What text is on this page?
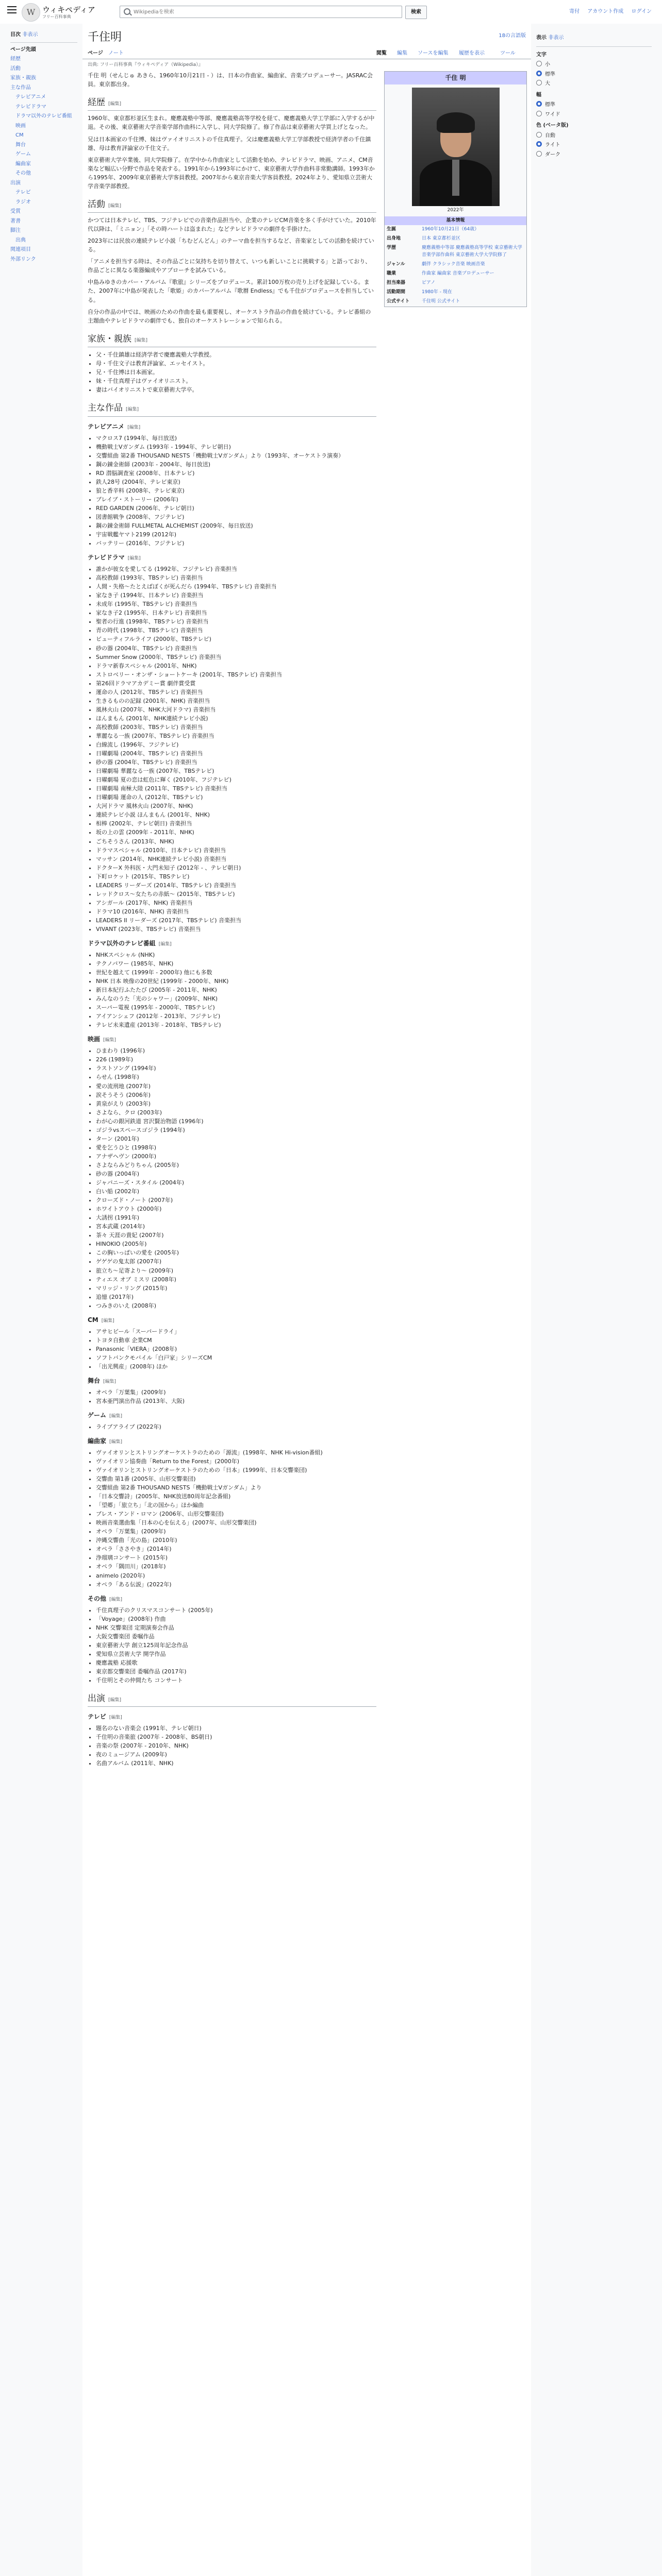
W ウィキペディア
フリー百科事典
Wikipediaを検索
検索	寄付 アカウント作成 ログイン
目次 非表示
ページ先頭
経歴
活動
家族・親族
主な作品
テレビアニメ
テレビドラマ
ドラマ以外のテレビ番組
映画
CM
舞台
ゲーム
編曲家
その他
出演
テレビ
ラジオ
受賞
著書
脚注
出典
関連項目
外部リンク
千住明	18の言語版
ページ ノート	閲覧 編集 ソースを編集 履歴を表示	ツール
出典: フリー百科事典『ウィキペディア（Wikipedia）』

千住 明（せんじゅ あきら、1960年10月21日 - ）は、日本の作曲家、編曲家、音楽プロデューサー。JASRAC会員。東京都出身。

経歴 [編集]

1960年、東京都杉並区生まれ。慶應義塾中等部、慶應義塾高等学校を経て、慶應義塾大学工学部に入学するが中退。その後、東京藝術大学音楽学部作曲科に入学し、同大学院修了。修了作品は東京藝術大学買上げとなった。

兄は日本画家の千住博、妹はヴァイオリニストの千住真理子。父は慶應義塾大学工学部教授で経済学者の千住鎮雄、母は教育評論家の千住文子。

東京藝術大学卒業後、同大学院修了。在学中から作曲家として活動を始め、テレビドラマ、映画、アニメ、CM音楽など幅広い分野で作品を発表する。1991年から1993年にかけて、東京藝術大学作曲科非常勤講師。1993年から1995年、2009年東京藝術大学客員教授。2007年から東京音楽大学客員教授。2024年より、愛知県立芸術大学音楽学部教授。

活動 [編集]

かつては日本テレビ、TBS、フジテレビでの音楽作品担当や、企業のテレビCM音楽を多く手がけていた。2010年代以降は、「ミニョン」「その時ハートは盗まれた」などテレビドラマの劇伴を手掛けた。

2023年には民放の連続テレビ小説「ちむどんどん」のテーマ曲を担当するなど、音楽家としての活動を続けている。

「アニメを担当する時は、その作品ごとに気持ちを切り替えて、いつも新しいことに挑戦する」と語っており、作品ごとに異なる楽器編成やアプローチを試みている。

中島みゆきのカバー・アルバム『歌旅』シリーズをプロデュース。累計100万枚の売り上げを記録している。また、2007年に中島が発表した「歌姫」のカバーアルバム『歌暦 Endless』でも千住がプロデュースを担当している。

自分の作品の中では、映画のための作曲を最も重要視し、オーケストラ作品の作曲を続けている。テレビ番組の主題曲やテレビドラマの劇伴でも、独自のオーケストレーションで知られる。

家族・親族 [編集]
• 父・千住鎮雄は経済学者で慶應義塾大学教授。
• 母・千住文子は教育評論家、エッセイスト。
• 兄・千住博は日本画家。
• 妹・千住真理子はヴァイオリニスト。
• 妻はバイオリニストで東京藝術大学卒。
主な作品 [編集]
テレビアニメ [編集]
• マクロス7 (1994年、毎日放送)
• 機動戦士Vガンダム (1993年 - 1994年、テレビ朝日)
• 交響組曲 第2番 THOUSAND NESTS「機動戦士Vガンダム」より（1993年、オーケストラ演奏）
• 鋼の錬金術師 (2003年 - 2004年、毎日放送)
• RD 潜脳調査室 (2008年、日本テレビ)
• 鉄人28号 (2004年、テレビ東京)
• 狼と香辛料 (2008年、テレビ東京)
• ブレイブ・ストーリー (2006年)
• RED GARDEN (2006年、テレビ朝日)
• 図書館戦争 (2008年、フジテレビ)
• 鋼の錬金術師 FULLMETAL ALCHEMIST (2009年、毎日放送)
• 宇宙戦艦ヤマト2199 (2012年)
• バッテリー (2016年、フジテレビ)
テレビドラマ [編集]
• 誰かが彼女を愛してる (1992年、フジテレビ) 音楽担当
• 高校教師 (1993年、TBSテレビ) 音楽担当
• 人間・失格〜たとえばぼくが死んだら (1994年、TBSテレビ) 音楽担当
• 家なき子 (1994年、日本テレビ) 音楽担当
• 未成年 (1995年、TBSテレビ) 音楽担当
• 家なき子2 (1995年、日本テレビ) 音楽担当
• 聖者の行進 (1998年、TBSテレビ) 音楽担当
• 青の時代 (1998年、TBSテレビ) 音楽担当
• ビューティフルライフ (2000年、TBSテレビ)
• 砂の器 (2004年、TBSテレビ) 音楽担当
• Summer Snow (2000年、TBSテレビ) 音楽担当
• ドラマ新春スペシャル (2001年、NHK)
• ストロベリー・オンザ・ショートケーキ (2001年、TBSテレビ) 音楽担当
• 第26回ドラマアカデミー賞 劇伴賞受賞
• 運命の人 (2012年、TBSテレビ) 音楽担当
• 生きるものの記録 (2001年、NHK) 音楽担当
• 風林火山 (2007年、NHK大河ドラマ) 音楽担当
• ほんまもん (2001年、NHK連続テレビ小説)
• 高校教師 (2003年、TBSテレビ) 音楽担当
• 華麗なる一族 (2007年、TBSテレビ) 音楽担当
• 白線流し (1996年、フジテレビ)
• 日曜劇場 (2004年、TBSテレビ) 音楽担当
• 砂の器 (2004年、TBSテレビ) 音楽担当
• 日曜劇場 華麗なる一族 (2007年、TBSテレビ)
• 日曜劇場 夏の恋は虹色に輝く (2010年、フジテレビ)
• 日曜劇場 南極大陸 (2011年、TBSテレビ) 音楽担当
• 日曜劇場 運命の人 (2012年、TBSテレビ)
• 大河ドラマ 風林火山 (2007年、NHK)
• 連続テレビ小説 ほんまもん (2001年、NHK)
• 相棒 (2002年、テレビ朝日) 音楽担当
• 坂の上の雲 (2009年 - 2011年、NHK)
• ごちそうさん (2013年、NHK)
• ドラマスペシャル (2010年、日本テレビ) 音楽担当
• マッサン (2014年、NHK連続テレビ小説) 音楽担当
• ドクターX 外科医・大門未知子 (2012年 - 、テレビ朝日)
• 下町ロケット (2015年、TBSテレビ)
• LEADERS リーダーズ (2014年、TBSテレビ) 音楽担当
• レッドクロス〜女たちの赤紙〜 (2015年、TBSテレビ)
• アシガール (2017年、NHK) 音楽担当
• ドラマ10 (2016年、NHK) 音楽担当
• LEADERS II リーダーズ (2017年、TBSテレビ) 音楽担当
• VIVANT (2023年、TBSテレビ) 音楽担当
ドラマ以外のテレビ番組 [編集]
• NHKスペシャル (NHK)
• テクノパワー (1985年、NHK)
• 世紀を越えて (1999年 - 2000年) 他にも多数
• NHK 日本 映像の20世紀 (1999年 - 2000年、NHK)
• 新日本紀行ふたたび (2005年 - 2011年、NHK)
• みんなのうた「光のシャワー」(2009年、NHK)
• スーパー電視 (1995年 - 2000年、TBSテレビ)
• アイアンシェフ (2012年 - 2013年、フジテレビ)
• テレビ未来遺産 (2013年 - 2018年、TBSテレビ)
映画 [編集]
• ひまわり (1996年)
• 226 (1989年)
• ラストソング (1994年)
• らせん (1998年)
• 愛の流刑地 (2007年)
• 涙そうそう (2006年)
• 黄泉がえり (2003年)
• さよなら、クロ (2003年)
• わが心の銀河鉄道 宮沢賢治物語 (1996年)
• ゴジラvsスペースゴジラ (1994年)
• ターン (2001年)
• 愛を乞うひと (1998年)
• アナザヘヴン (2000年)
• さよならみどりちゃん (2005年)
• 砂の器 (2004年)
• ジャパニーズ・スタイル (2004年)
• 白い船 (2002年)
• クローズド・ノート (2007年)
• ホワイトアウト (2000年)
• 大誘拐 (1991年)
• 宮本武蔵 (2014年)
• 茶々 天涯の貴妃 (2007年)
• HINOKIO (2005年)
• この胸いっぱいの愛を (2005年)
• ゲゲゲの鬼太郎 (2007年)
• 旅立ち〜足寄より〜 (2009年)
• ティエス オブ ミスリ (2008年)
• マリッジ・リング (2015年)
• 追憶 (2017年)
• つみきのいえ (2008年)
CM [編集]
• アサヒビール「スーパードライ」
• トヨタ自動車 企業CM
• Panasonic「VIERA」(2008年)
• ソフトバンクモバイル「白戸家」シリーズCM
• 「出光興産」(2008年) ほか
舞台 [編集]
• オペラ「万葉集」(2009年)
• 宮本亜門演出作品 (2013年、大阪)
ゲーム [編集]
• ライブアライブ (2022年)
編曲家 [編集]
• ヴァイオリンとストリングオーケストラのための「源流」(1998年、NHK Hi-vision番組)
• ヴァイオリン協奏曲「Return to the Forest」(2000年)
• ヴァイオリンとストリングオーケストラのための「日本」(1999年、日本交響楽団)
• 交響曲 第1番 (2005年、山形交響楽団)
• 交響組曲 第2番 THOUSAND NESTS「機動戦士Vガンダム」より
• 「日本交響詩」(2005年、NHK放送80周年記念番組)
• 「望郷」「旅立ち」「北の国から」ほか編曲
• ブレス・アンド・ロマン (2006年、山形交響楽団)
• 映画音楽選曲集「日本の心を伝える」(2007年、山形交響楽団)
• オペラ「万葉集」(2009年)
• 沖縄交響曲「光の島」(2010年)
• オペラ「ささやき」(2014年)
• 浄瑠璃コンサート (2015年)
• オペラ「隅田川」(2018年)
• animelo (2020年)
• オペラ「ある伝説」(2022年)
その他 [編集]
• 千住真理子のクリスマスコンサート (2005年)
• 「Voyage」(2008年) 作曲
• NHK 交響楽団 定期演奏会作品
• 大阪交響楽団 委嘱作品
• 東京藝術大学 創立125周年記念作品
• 愛知県立芸術大学 開学作品
• 慶應義塾 応援歌
• 東京都交響楽団 委嘱作品 (2017年)
• 千住明とその仲間たち コンサート
出演 [編集]
テレビ [編集]
• 題名のない音楽会 (1991年、テレビ朝日)
• 千住明の音楽旅 (2007年 - 2008年、BS朝日)
• 音楽の祭 (2007年 - 2010年、NHK)
• 夜のミュージアム (2009年)
• 名曲アルバム (2011年、NHK)
千住 明
2022年
基本情報
生誕	1960年10月21日（64歳）
出身地	日本 東京都杉並区
学歴	慶應義塾中等部 慶應義塾高等学校 東京藝術大学音楽学部作曲科 東京藝術大学大学院修了
ジャンル	劇伴 クラシック音楽 映画音楽
職業	作曲家 編曲家 音楽プロデューサー
担当楽器	ピアノ
活動期間	1980年 - 現在
公式サイト	千住明 公式サイト
表示 非表示
文字
小
標準
大
幅
標準
ワイド
色 (ベータ版)
自動
ライト
ダーク
